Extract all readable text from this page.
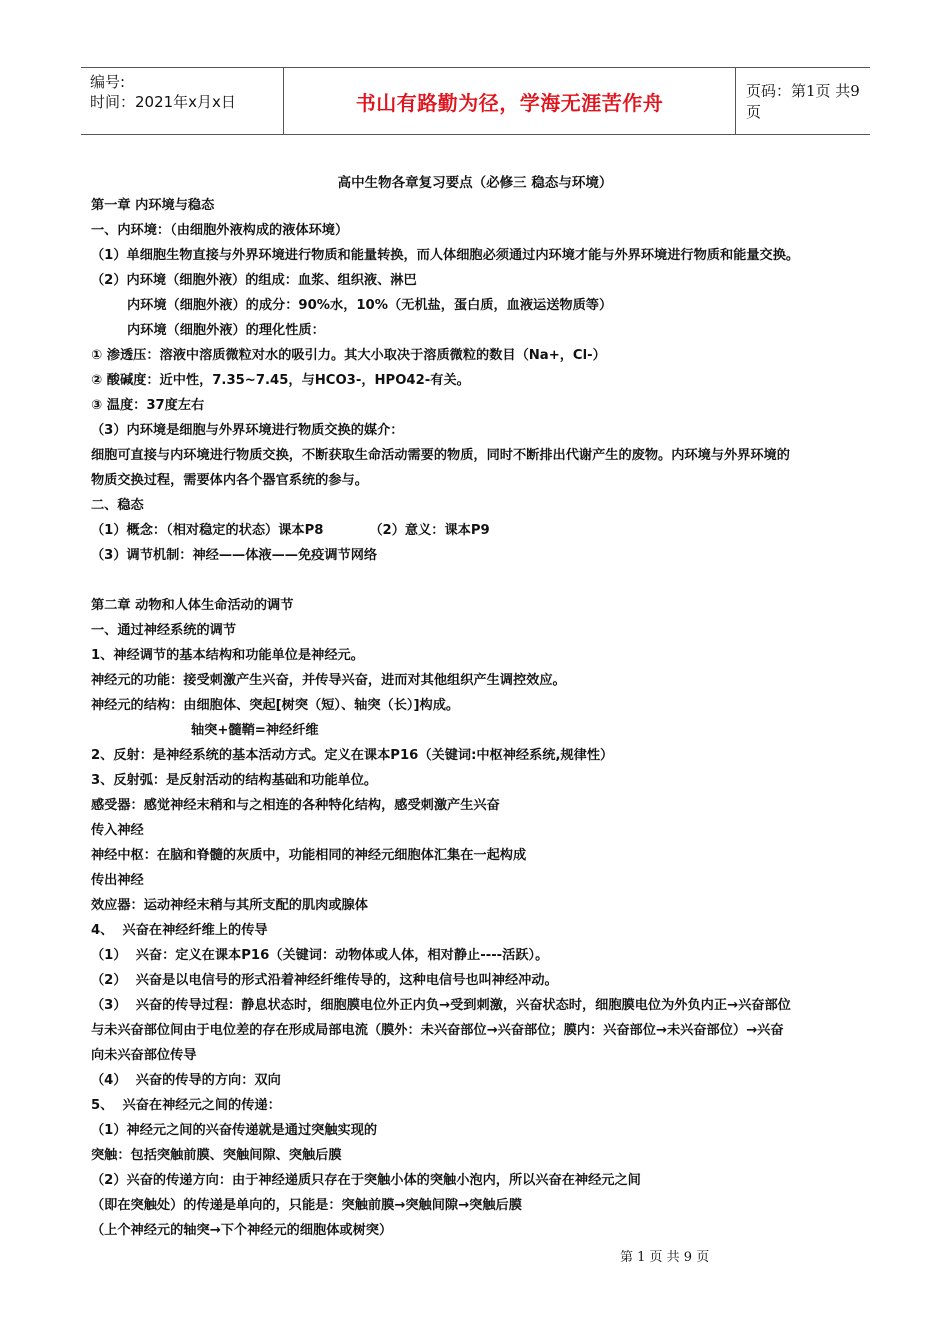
编号:
时间：2021年x月x日	书山有路勤为径，学海无涯苦作舟	页码：第1页 共9页
高中生物各章复习要点（必修三 稳态与环境）
第一章 内环境与稳态
一、内环境：（由细胞外液构成的液体环境）
（1）单细胞生物直接与外界环境进行物质和能量转换，而人体细胞必须通过内环境才能与外界环境进行物质和能量交换。
（2）内环境（细胞外液）的组成：血浆、组织液、淋巴
内环境（细胞外液）的成分：90%水，10%（无机盐，蛋白质，血液运送物质等）
内环境（细胞外液）的理化性质：
① 渗透压：溶液中溶质微粒对水的吸引力。其大小取决于溶质微粒的数目（Na+，Cl-）
② 酸碱度：近中性，7.35~7.45，与HCO3-，HPO42-有关。
③ 温度：37度左右
（3）内环境是细胞与外界环境进行物质交换的媒介：
细胞可直接与内环境进行物质交换，不断获取生命活动需要的物质，同时不断排出代谢产生的废物。内环境与外界环境的
物质交换过程，需要体内各个器官系统的参与。
二、稳态
（1）概念：（相对稳定的状态）课本P8          （2）意义：课本P9
（3）调节机制：神经——体液——免疫调节网络
第二章 动物和人体生命活动的调节
一、通过神经系统的调节
1、神经调节的基本结构和功能单位是神经元。
神经元的功能：接受刺激产生兴奋，并传导兴奋，进而对其他组织产生调控效应。
神经元的结构：由细胞体、突起[树突（短）、轴突（长）]构成。
轴突+髓鞘=神经纤维
2、反射：是神经系统的基本活动方式。定义在课本P16（关键词:中枢神经系统,规律性）
3、反射弧：是反射活动的结构基础和功能单位。
感受器：感觉神经末稍和与之相连的各种特化结构，感受刺激产生兴奋
传入神经
神经中枢：在脑和脊髓的灰质中，功能相同的神经元细胞体汇集在一起构成
传出神经
效应器：运动神经末稍与其所支配的肌肉或腺体
4、  兴奋在神经纤维上的传导
（1）  兴奋：定义在课本P16（关键词：动物体或人体，相对静止----活跃）。
（2）  兴奋是以电信号的形式沿着神经纤维传导的，这种电信号也叫神经冲动。
（3）  兴奋的传导过程：静息状态时，细胞膜电位外正内负→受到刺激，兴奋状态时，细胞膜电位为外负内正→兴奋部位
与未兴奋部位间由于电位差的存在形成局部电流（膜外：未兴奋部位→兴奋部位；膜内：兴奋部位→未兴奋部位）→兴奋
向未兴奋部位传导
（4）  兴奋的传导的方向：双向
5、  兴奋在神经元之间的传递：
（1）神经元之间的兴奋传递就是通过突触实现的
突触：包括突触前膜、突触间隙、突触后膜
（2）兴奋的传递方向：由于神经递质只存在于突触小体的突触小泡内，所以兴奋在神经元之间
（即在突触处）的传递是单向的，只能是：突触前膜→突触间隙→突触后膜
（上个神经元的轴突→下个神经元的细胞体或树突）
第 1 页 共 9 页
